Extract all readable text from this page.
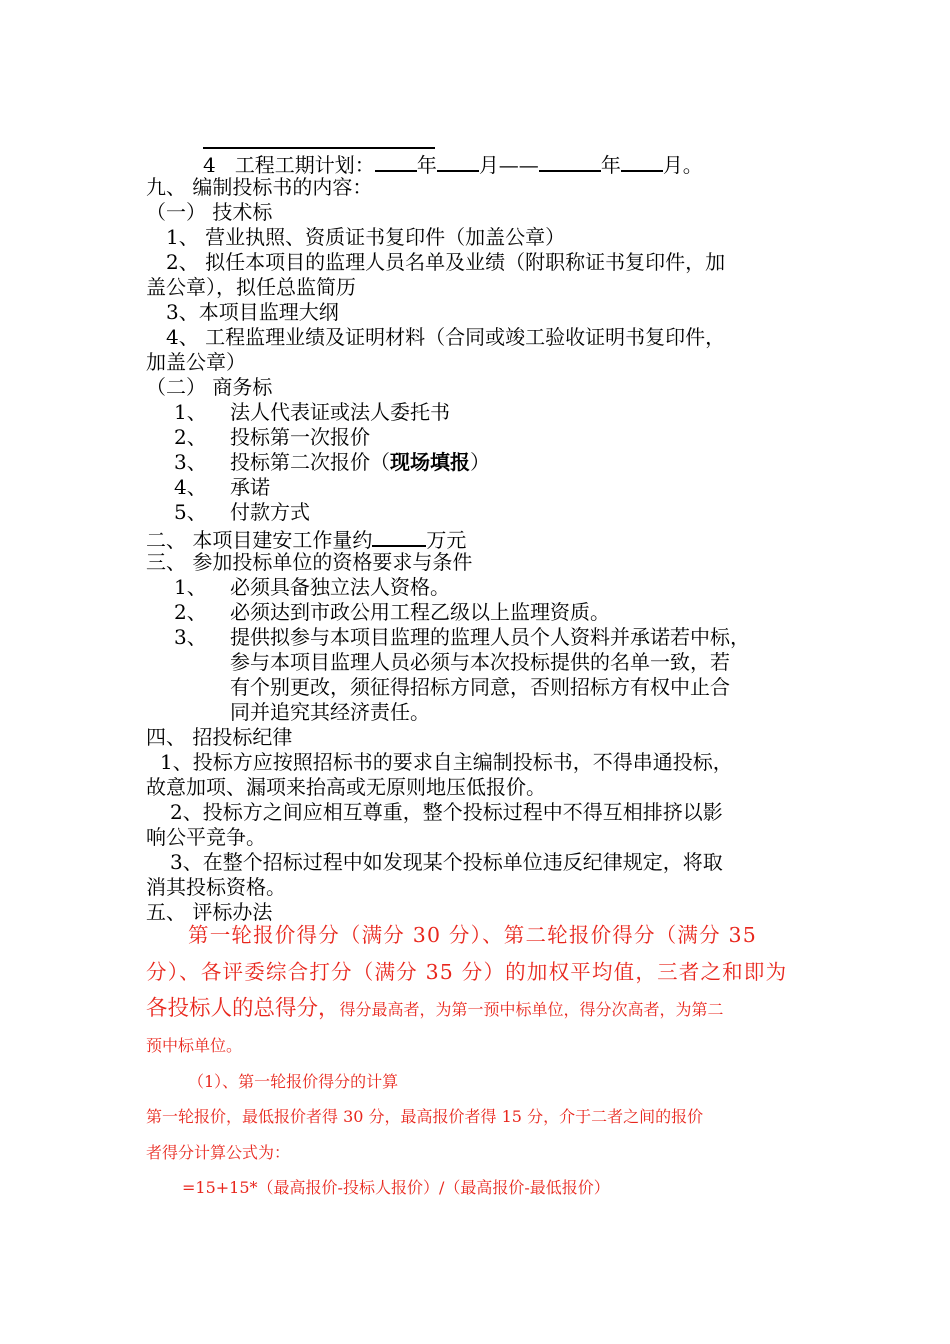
4 工程工期计划： 年 月——	年 月。
九、 编制投标书的内容：
（一） 技术标
1、 营业执照、资质证书复印件（加盖公章）
2、 拟任本项目的监理人员名单及业绩（附职称证书复印件，加
盖公章），拟任总监简历
3、本项目监理大纲
4、 工程监理业绩及证明材料（合同或竣工验收证明书复印件，
加盖公章）
（二） 商务标
1、 法人代表证或法人委托书
2、 投标第一次报价
3、 投标第二次报价（现场填报）
4、 承诺
5、 付款方式
二、 本项目建安工作量约	万元
三、 参加投标单位的资格要求与条件
1、 必须具备独立法人资格。
2、 必须达到市政公用工程乙级以上监理资质。
3、 提供拟参与本项目监理的监理人员个人资料并承诺若中标，
参与本项目监理人员必须与本次投标提供的名单一致，若
有个别更改，须征得招标方同意，否则招标方有权中止合
同并追究其经济责任。
四、 招投标纪律
1、投标方应按照招标书的要求自主编制投标书，不得串通投标，
故意加项、漏项来抬高或无原则地压低报价。
2、投标方之间应相互尊重，整个投标过程中不得互相排挤以影
响公平竞争。
3、在整个招标过程中如发现某个投标单位违反纪律规定，将取
消其投标资格。
五、 评标办法
第一轮报价得分（满分 30 分）、第二轮报价得分（满分 35
分）、各评委综合打分（满分 35 分）的加权平均值，三者之和即为
各投标人的总得分，得分最高者，为第一预中标单位，得分次高者，为第二
预中标单位。
（1）、第一轮报价得分的计算
第一轮报价，最低报价者得 30 分，最高报价者得 15 分，介于二者之间的报价
者得分计算公式为：
=15+15*（最高报价-投标人报价）/（最高报价-最低报价）
